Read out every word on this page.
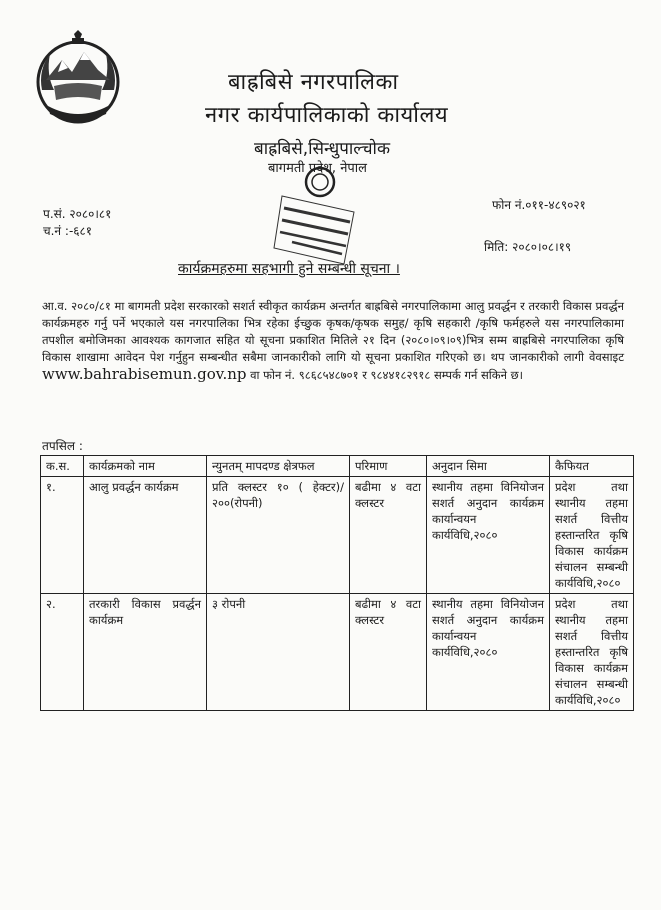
बाह्रबिसे नगरपालिका
नगर कार्यपालिकाको कार्यालय
बाह्रबिसे,सिन्धुपाल्चोक
बागमती प्रदेश, नेपाल
फोन नं.०११-४८९०२१
प.सं. २०८०।८१
च.नं :-६८१
मिति: २०८०।०८।१९
कार्यक्रमहरुमा सहभागी हुने सम्बन्धी सूचना ।
आ.व. २०८०/८१ मा बागमती प्रदेश सरकारको सशर्त स्वीकृत कार्यक्रम अन्तर्गत बाह्रबिसे नगरपालिकामा आलु प्रवर्द्धन र तरकारी विकास प्रवर्द्धन कार्यक्रमहरु गर्नु पर्ने भएकाले यस नगरपालिका भित्र रहेका ईच्छुक कृषक/कृषक समुह/ कृषि सहकारी /कृषि फर्महरुले यस नगरपालिकामा तपशील बमोजिमका आवश्यक कागजात सहित यो सूचना प्रकाशित मितिले २१ दिन (२०८०।०९।०९)भित्र सम्म बाह्रबिसे नगरपालिका कृषि विकास शाखामा आवेदन पेश गर्नुहुन सम्बन्धीत सबैमा जानकारीको लागि यो सूचना प्रकाशित गरिएको छ। थप जानकारीको लागी वेवसाइट www.bahrabisemun.gov.np वा फोन नं. ९८६८५४८७०१ र ९८४४१८२९१८ सम्पर्क गर्न सकिने छ।
तपसिल :
क.स.	कार्यक्रमको नाम	न्युनतम् मापदण्ड क्षेत्रफल	परिमाण	अनुदान सिमा	कैफियत
१.	आलु प्रवर्द्धन कार्यक्रम	प्रति क्लस्टर १० ( हेक्टर)/२००(रोपनी)	बढीमा ४ वटा क्लस्टर	स्थानीय तहमा विनियोजन सशर्त अनुदान कार्यक्रम कार्यान्वयन कार्यविधि,२०८०	प्रदेश तथा स्थानीय तहमा सशर्त वित्तीय हस्तान्तरित कृषि विकास कार्यक्रम संचालन सम्बन्धी कार्यविधि,२०८०
२.	तरकारी विकास प्रवर्द्धन कार्यक्रम	३ रोपनी	बढीमा ४ वटा क्लस्टर	स्थानीय तहमा विनियोजन सशर्त अनुदान कार्यक्रम कार्यान्वयन कार्यविधि,२०८०	प्रदेश तथा स्थानीय तहमा सशर्त वित्तीय हस्तान्तरित कृषि विकास कार्यक्रम संचालन सम्बन्धी कार्यविधि,२०८०
